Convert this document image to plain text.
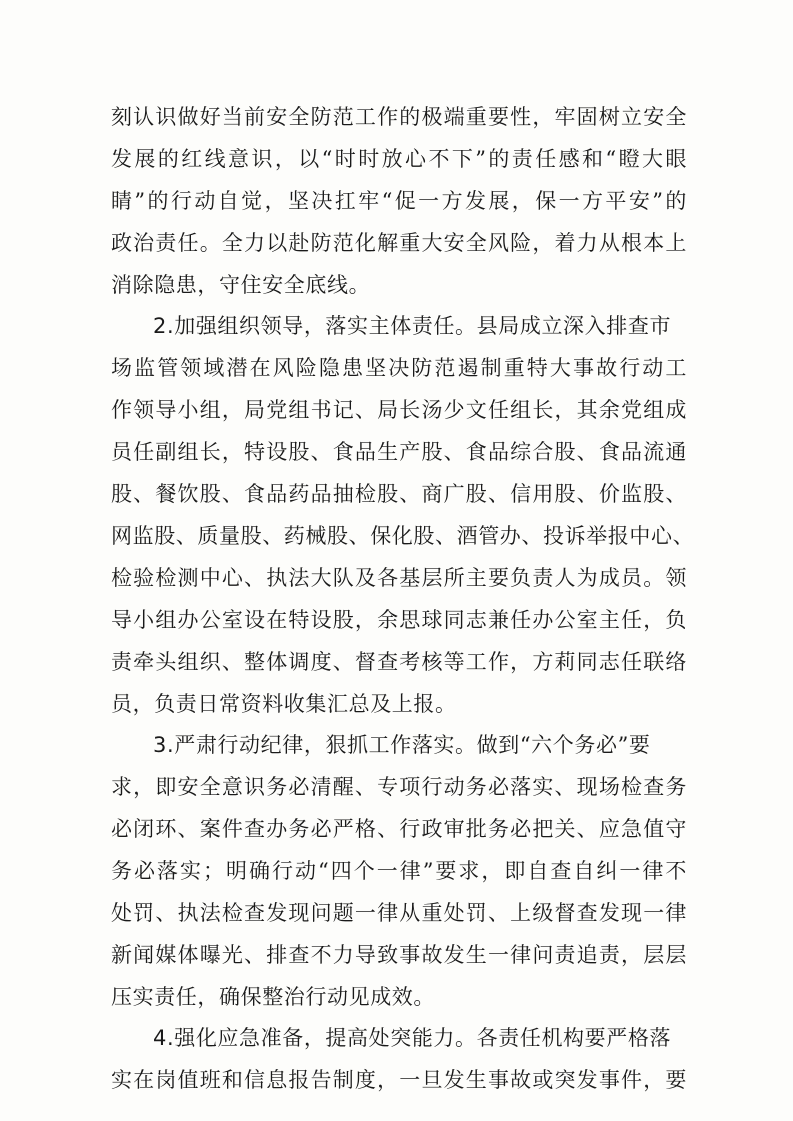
刻认识做好当前安全防范工作的极端重要性，牢固树立安全
发展的红线意识，以“时时放心不下”的责任感和“瞪大眼
睛”的行动自觉，坚决扛牢“促一方发展，保一方平安”的
政治责任。全力以赴防范化解重大安全风险，着力从根本上
消除隐患，守住安全底线。
2.加强组织领导，落实主体责任。县局成立深入排查市
场监管领域潜在风险隐患坚决防范遏制重特大事故行动工
作领导小组，局党组书记、局长汤少文任组长，其余党组成
员任副组长，特设股、食品生产股、食品综合股、食品流通
股、餐饮股、食品药品抽检股、商广股、信用股、价监股、
网监股、质量股、药械股、保化股、酒管办、投诉举报中心、
检验检测中心、执法大队及各基层所主要负责人为成员。领
导小组办公室设在特设股，余思球同志兼任办公室主任，负
责牵头组织、整体调度、督查考核等工作，方莉同志任联络
员，负责日常资料收集汇总及上报。
3.严肃行动纪律，狠抓工作落实。做到“六个务必”要
求，即安全意识务必清醒、专项行动务必落实、现场检查务
必闭环、案件查办务必严格、行政审批务必把关、应急值守
务必落实；明确行动“四个一律”要求，即自查自纠一律不
处罚、执法检查发现问题一律从重处罚、上级督查发现一律
新闻媒体曝光、排查不力导致事故发生一律问责追责，层层
压实责任，确保整治行动见成效。
4.强化应急准备，提高处突能力。各责任机构要严格落
实在岗值班和信息报告制度，一旦发生事故或突发事件，要
